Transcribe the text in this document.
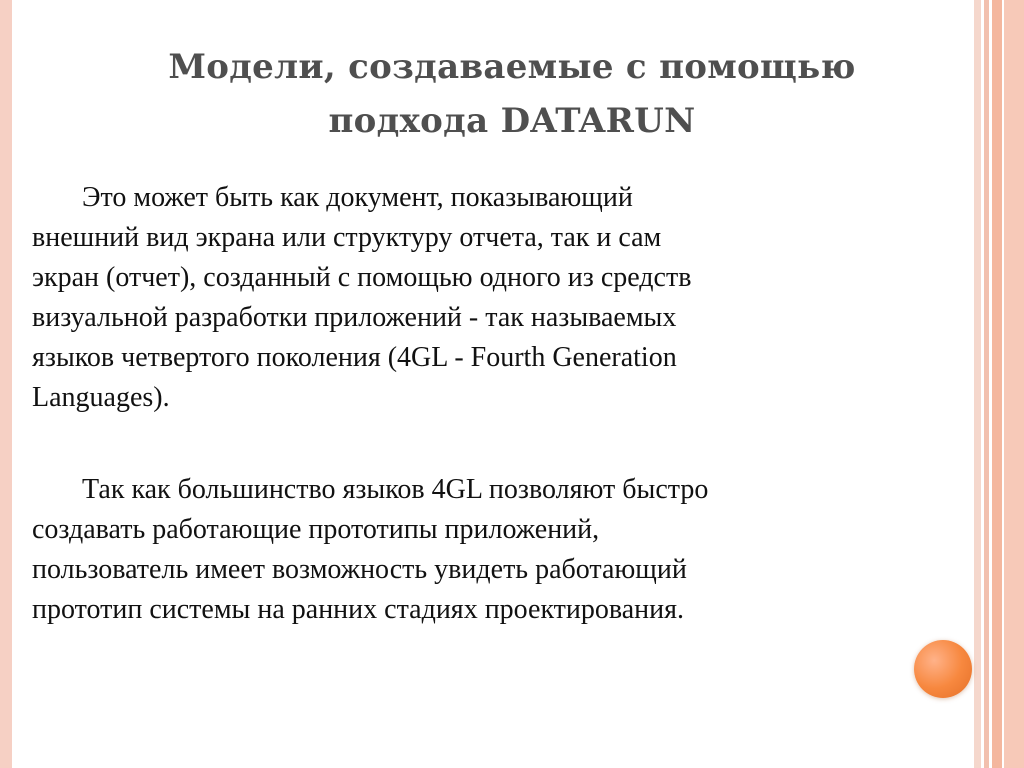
Модели, создаваемые с помощью
подхода DATARUN
Это может быть как документ, показывающий
внешний вид экрана или структуру отчета, так и сам
экран (отчет), созданный с помощью одного из средств
визуальной разработки приложений - так называемых
языков четвертого поколения (4GL - Fourth Generation
Languages).
Так как большинство языков 4GL позволяют быстро
создавать работающие прототипы приложений,
пользователь имеет возможность увидеть работающий
прототип системы на ранних стадиях проектирования.
